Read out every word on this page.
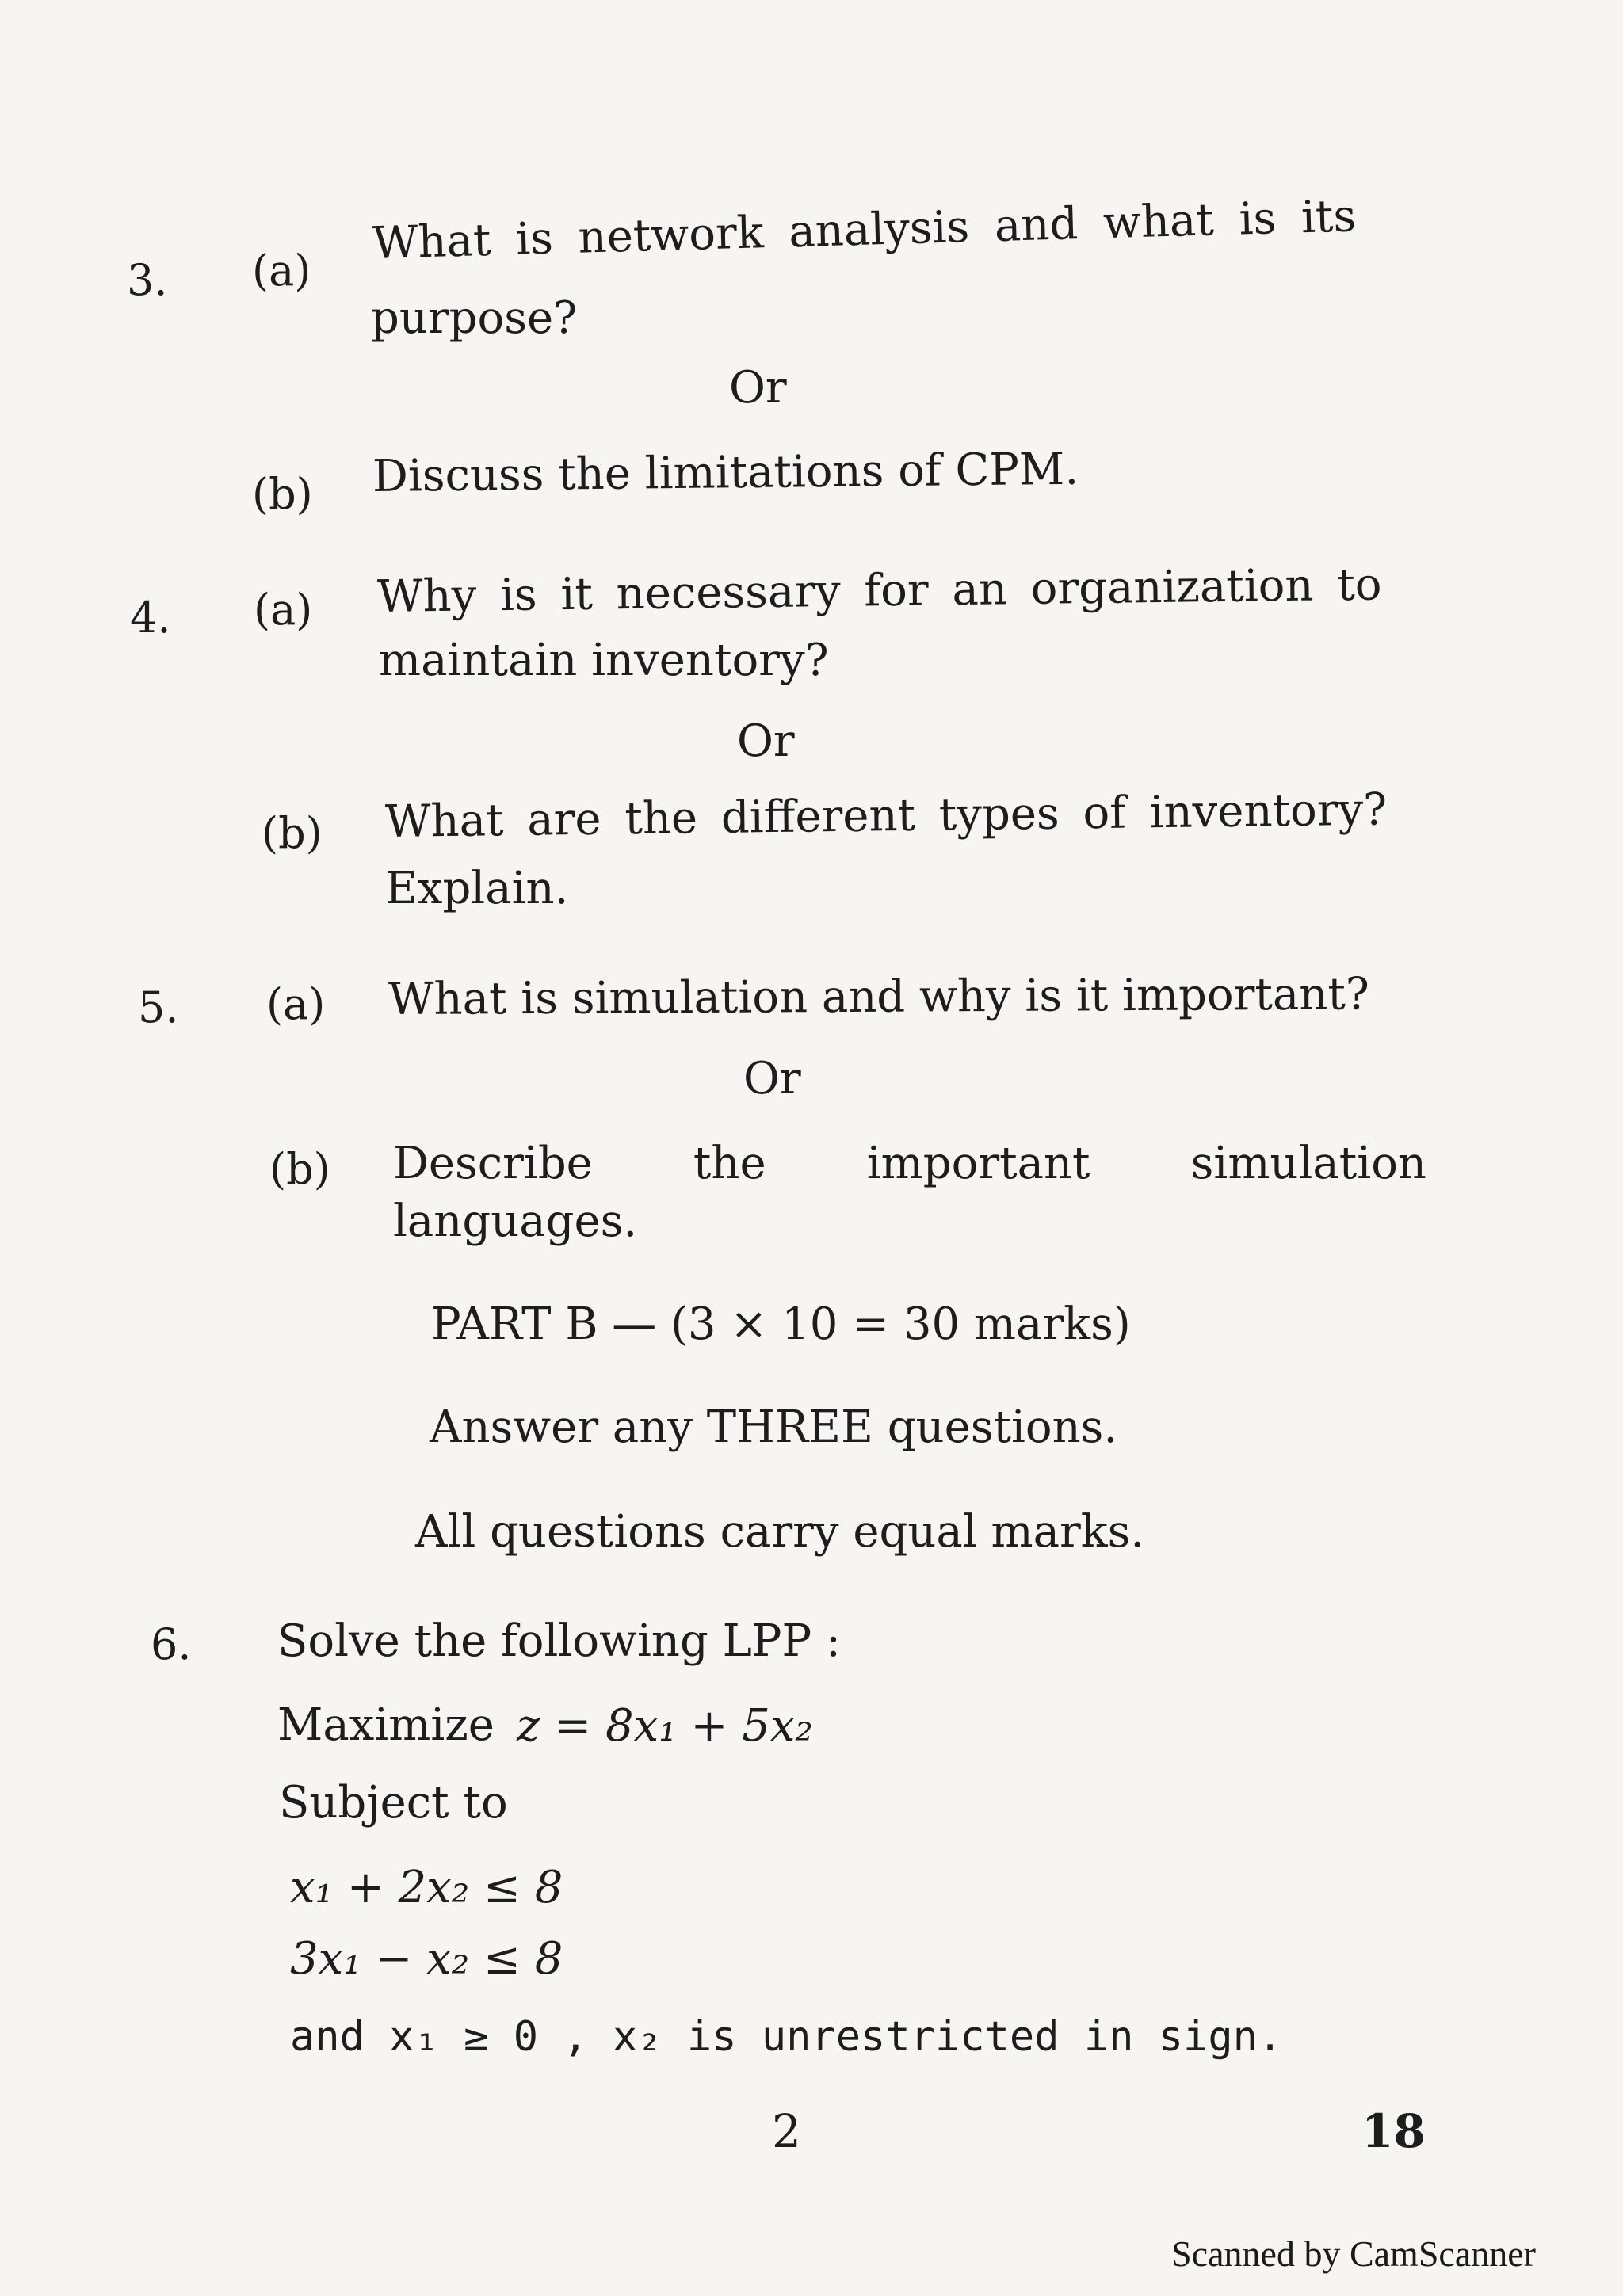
3. (a)
What is network analysis and what is its
purpose?
Or
(b) Discuss the limitations of CPM.
4. (a) Why is it necessary for an organization to
maintain inventory?
Or
(b) What are the different types of inventory?
Explain.
5. (a) What is simulation and why is it important?
Or
(b) Describe the important simulation
languages.
PART B — (3 × 10 = 30 marks)
Answer any THREE questions.
All questions carry equal marks.
6. Solve the following LPP :
Maximize z = 8x₁ + 5x₂
Subject to
x₁ + 2x₂ ≤ 8
3x₁ − x₂ ≤ 8
and x₁ ≥ 0 , x₂ is unrestricted in sign.
2	18
Scanned by CamScanner
